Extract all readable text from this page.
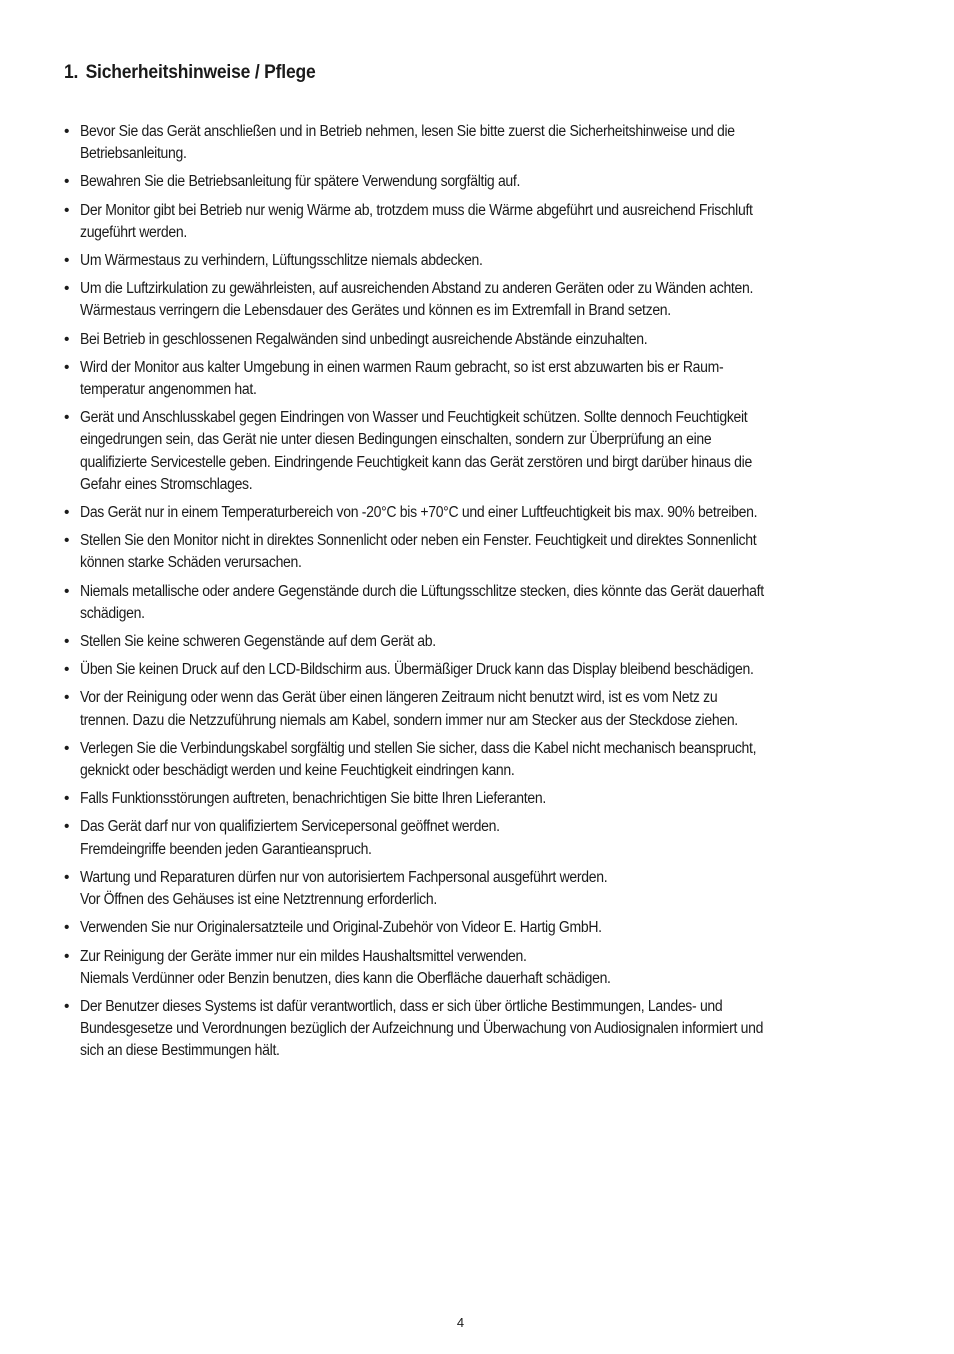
1. Sicherheitshinweise / Pflege
• Bevor Sie das Gerät anschließen und in Betrieb nehmen, lesen Sie bitte zuerst die Sicherheitshinweise und die
Betriebsanleitung.
• Bewahren Sie die Betriebsanleitung für spätere Verwendung sorgfältig auf.
• Der Monitor gibt bei Betrieb nur wenig Wärme ab, trotzdem muss die Wärme abgeführt und ausreichend Frischluft
zugeführt werden.
• Um Wärmestaus zu verhindern, Lüftungsschlitze niemals abdecken.
• Um die Luftzirkulation zu gewährleisten, auf ausreichenden Abstand zu anderen Geräten oder zu Wänden achten.
Wärmestaus verringern die Lebensdauer des Gerätes und können es im Extremfall in Brand setzen.
• Bei Betrieb in geschlossenen Regalwänden sind unbedingt ausreichende Abstände einzuhalten.
• Wird der Monitor aus kalter Umgebung in einen warmen Raum gebracht, so ist erst abzuwarten bis er Raum-
temperatur angenommen hat.
• Gerät und Anschlusskabel gegen Eindringen von Wasser und Feuchtigkeit schützen. Sollte dennoch Feuchtigkeit
eingedrungen sein, das Gerät nie unter diesen Bedingungen einschalten, sondern zur Überprüfung an eine
qualifizierte Servicestelle geben. Eindringende Feuchtigkeit kann das Gerät zerstören und birgt darüber hinaus die
Gefahr eines Stromschlages.
• Das Gerät nur in einem Temperaturbereich von -20°C bis +70°C und einer Luftfeuchtigkeit bis max. 90% betreiben.
• Stellen Sie den Monitor nicht in direktes Sonnenlicht oder neben ein Fenster. Feuchtigkeit und direktes Sonnenlicht
können starke Schäden verursachen.
• Niemals metallische oder andere Gegenstände durch die Lüftungsschlitze stecken, dies könnte das Gerät dauerhaft
schädigen.
• Stellen Sie keine schweren Gegenstände auf dem Gerät ab.
• Üben Sie keinen Druck auf den LCD-Bildschirm aus. Übermäßiger Druck kann das Display bleibend beschädigen.
• Vor der Reinigung oder wenn das Gerät über einen längeren Zeitraum nicht benutzt wird, ist es vom Netz zu
trennen. Dazu die Netzzuführung niemals am Kabel, sondern immer nur am Stecker aus der Steckdose ziehen.
• Verlegen Sie die Verbindungskabel sorgfältig und stellen Sie sicher, dass die Kabel nicht mechanisch beansprucht,
geknickt oder beschädigt werden und keine Feuchtigkeit eindringen kann.
• Falls Funktionsstörungen auftreten, benachrichtigen Sie bitte Ihren Lieferanten.
• Das Gerät darf nur von qualifiziertem Servicepersonal geöffnet werden.
Fremdeingriffe beenden jeden Garantieanspruch.
• Wartung und Reparaturen dürfen nur von autorisiertem Fachpersonal ausgeführt werden.
Vor Öffnen des Gehäuses ist eine Netztrennung erforderlich.
• Verwenden Sie nur Originalersatzteile und Original-Zubehör von Videor E. Hartig GmbH.
• Zur Reinigung der Geräte immer nur ein mildes Haushaltsmittel verwenden.
Niemals Verdünner oder Benzin benutzen, dies kann die Oberfläche dauerhaft schädigen.
• Der Benutzer dieses Systems ist dafür verantwortlich, dass er sich über örtliche Bestimmungen, Landes- und
Bundesgesetze und Verordnungen bezüglich der Aufzeichnung und Überwachung von Audiosignalen informiert und
sich an diese Bestimmungen hält.
4
